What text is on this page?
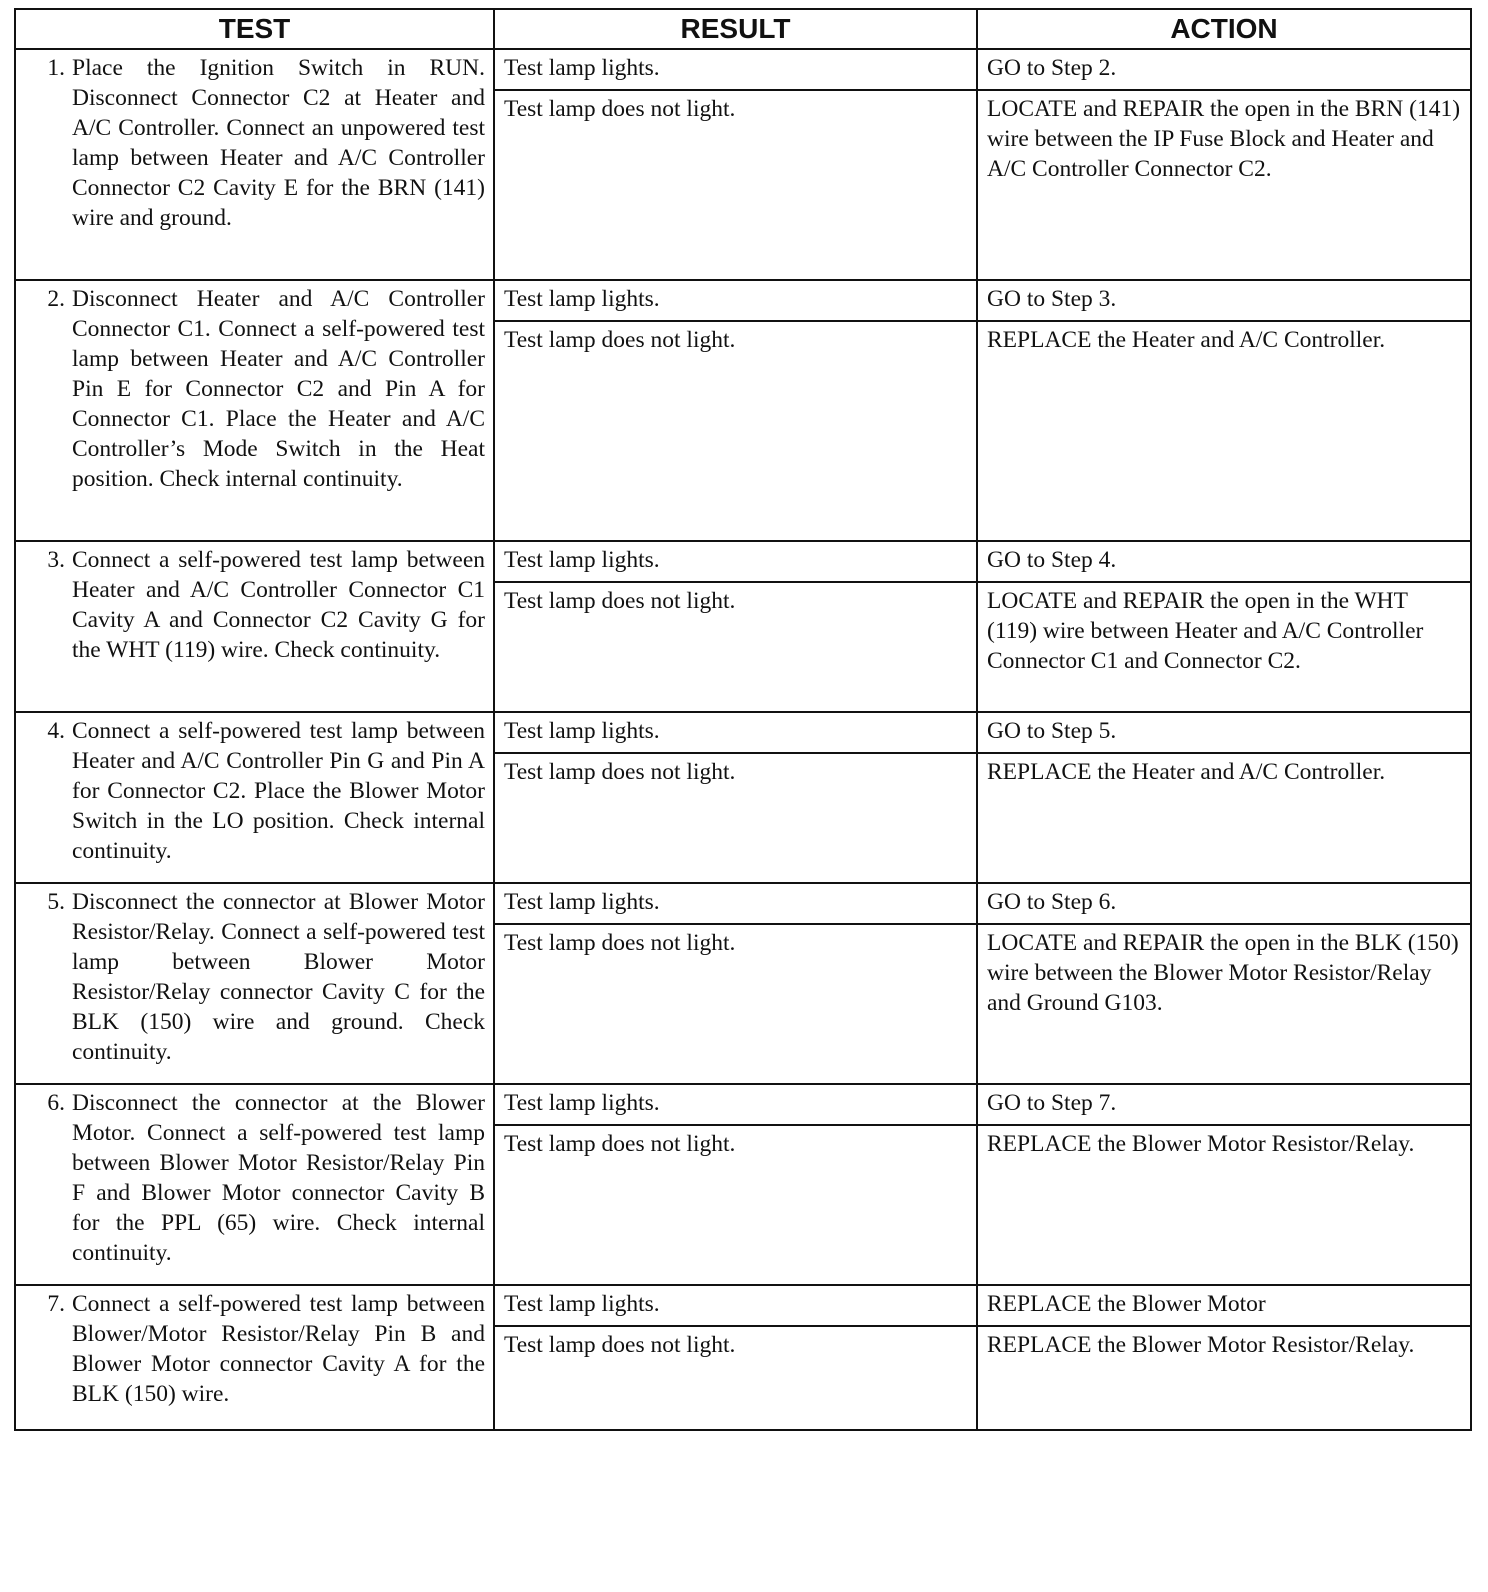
TEST	RESULT	ACTION

1. Place the Ignition Switch in RUN. Disconnect Connector C2 at Heater and A/C Controller. Connect an unpowered test lamp between Heater and A/C Controller Connector C2 Cavity E for the BRN (141) wire and ground.	Test lamp lights.	GO to Step 2.
	Test lamp does not light.	LOCATE and REPAIR the open in the BRN (141) wire between the IP Fuse Block and Heater and A/C Controller Connector C2.

2. Disconnect Heater and A/C Controller Connector C1. Connect a self-powered test lamp between Heater and A/C Controller Pin E for Connector C2 and Pin A for Connector C1. Place the Heater and A/C Controller’s Mode Switch in the Heat position. Check internal continuity.	Test lamp lights.	GO to Step 3.
	Test lamp does not light.	REPLACE the Heater and A/C Controller.

3. Connect a self-powered test lamp between Heater and A/C Controller Connector C1 Cavity A and Connector C2 Cavity G for the WHT (119) wire. Check continuity.	Test lamp lights.	GO to Step 4.
	Test lamp does not light.	LOCATE and REPAIR the open in the WHT (119) wire between Heater and A/C Controller Connector C1 and Connector C2.

4. Connect a self-powered test lamp between Heater and A/C Controller Pin G and Pin A for Connector C2. Place the Blower Motor Switch in the LO position. Check internal continuity.	Test lamp lights.	GO to Step 5.
	Test lamp does not light.	REPLACE the Heater and A/C Controller.

5. Disconnect the connector at Blower Motor Resistor/Relay. Connect a self-powered test lamp between Blower Motor Resistor/Relay connector Cavity C for the BLK (150) wire and ground. Check continuity.	Test lamp lights.	GO to Step 6.
	Test lamp does not light.	LOCATE and REPAIR the open in the BLK (150) wire between the Blower Motor Resistor/Relay and Ground G103.

6. Disconnect the connector at the Blower Motor. Connect a self-powered test lamp between Blower Motor Resistor/Relay Pin F and Blower Motor connector Cavity B for the PPL (65) wire. Check internal continuity.	Test lamp lights.	GO to Step 7.
	Test lamp does not light.	REPLACE the Blower Motor Resistor/Relay.

7. Connect a self-powered test lamp between Blower/Motor Resistor/Relay Pin B and Blower Motor connector Cavity A for the BLK (150) wire.	Test lamp lights.	REPLACE the Blower Motor
	Test lamp does not light.	REPLACE the Blower Motor Resistor/Relay.
